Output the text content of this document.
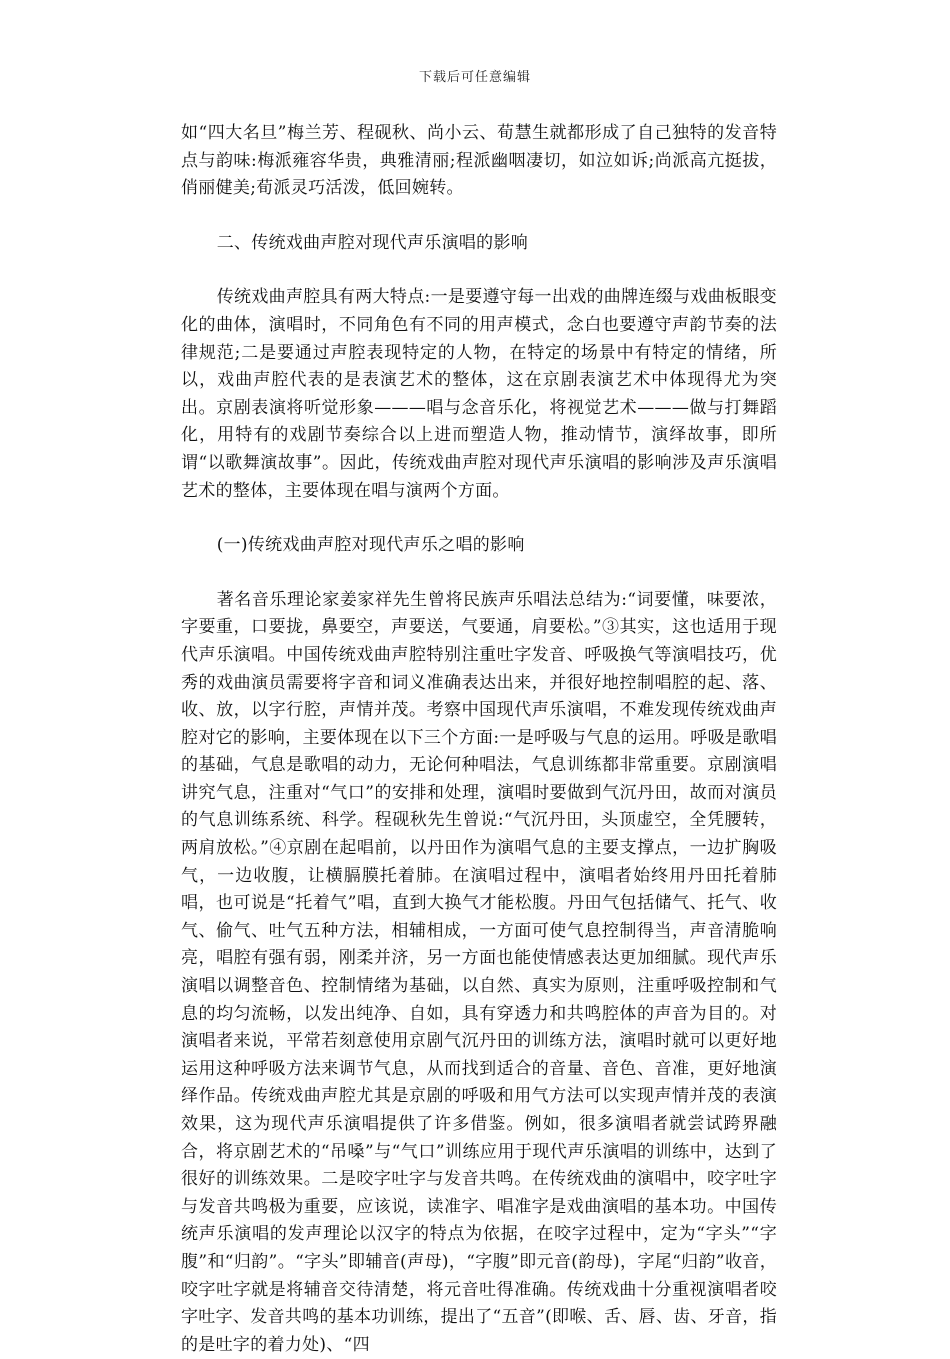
下载后可任意编辑

如“四大名旦”梅兰芳、程砚秋、尚小云、荀慧生就都形成了自己独特的发音特点与韵味:梅派雍容华贵，典雅清丽;程派幽咽凄切，如泣如诉;尚派高亢挺拔，俏丽健美;荀派灵巧活泼，低回婉转。

二、传统戏曲声腔对现代声乐演唱的影响

传统戏曲声腔具有两大特点:一是要遵守每一出戏的曲牌连缀与戏曲板眼变化的曲体，演唱时，不同角色有不同的用声模式，念白也要遵守声韵节奏的法律规范;二是要通过声腔表现特定的人物，在特定的场景中有特定的情绪，所以，戏曲声腔代表的是表演艺术的整体，这在京剧表演艺术中体现得尤为突出。京剧表演将听觉形象———唱与念音乐化，将视觉艺术———做与打舞蹈化，用特有的戏剧节奏综合以上进而塑造人物，推动情节，演绎故事，即所谓“以歌舞演故事”。因此，传统戏曲声腔对现代声乐演唱的影响涉及声乐演唱艺术的整体，主要体现在唱与演两个方面。

(一)传统戏曲声腔对现代声乐之唱的影响

著名音乐理论家姜家祥先生曾将民族声乐唱法总结为:“词要懂，味要浓，字要重，口要拢，鼻要空，声要送，气要通，肩要松。”③其实，这也适用于现代声乐演唱。中国传统戏曲声腔特别注重吐字发音、呼吸换气等演唱技巧，优秀的戏曲演员需要将字音和词义准确表达出来，并很好地控制唱腔的起、落、收、放，以字行腔，声情并茂。考察中国现代声乐演唱，不难发现传统戏曲声腔对它的影响，主要体现在以下三个方面:一是呼吸与气息的运用。呼吸是歌唱的基础，气息是歌唱的动力，无论何种唱法，气息训练都非常重要。京剧演唱讲究气息，注重对“气口”的安排和处理，演唱时要做到气沉丹田，故而对演员的气息训练系统、科学。程砚秋先生曾说:“气沉丹田，头顶虚空，全凭腰转，两肩放松。”④京剧在起唱前，以丹田作为演唱气息的主要支撑点，一边扩胸吸气，一边收腹，让横膈膜托着肺。在演唱过程中，演唱者始终用丹田托着肺唱，也可说是“托着气”唱，直到大换气才能松腹。丹田气包括储气、托气、收气、偷气、吐气五种方法，相辅相成，一方面可使气息控制得当，声音清脆响亮，唱腔有强有弱，刚柔并济，另一方面也能使情感表达更加细腻。现代声乐演唱以调整音色、控制情绪为基础，以自然、真实为原则，注重呼吸控制和气息的均匀流畅，以发出纯净、自如，具有穿透力和共鸣腔体的声音为目的。对演唱者来说，平常若刻意使用京剧气沉丹田的训练方法，演唱时就可以更好地运用这种呼吸方法来调节气息，从而找到适合的音量、音色、音准，更好地演绎作品。传统戏曲声腔尤其是京剧的呼吸和用气方法可以实现声情并茂的表演效果，这为现代声乐演唱提供了许多借鉴。例如，很多演唱者就尝试跨界融合，将京剧艺术的“吊嗓”与“气口”训练应用于现代声乐演唱的训练中，达到了很好的训练效果。二是咬字吐字与发音共鸣。在传统戏曲的演唱中，咬字吐字与发音共鸣极为重要，应该说，读准字、唱准字是戏曲演唱的基本功。中国传统声乐演唱的发声理论以汉字的特点为依据，在咬字过程中，定为“字头”“字腹”和“归韵”。“字头”即辅音(声母)，“字腹”即元音(韵母)，字尾“归韵”收音，咬字吐字就是将辅音交待清楚，将元音吐得准确。传统戏曲十分重视演唱者咬字吐字、发音共鸣的基本功训练，提出了“五音”(即喉、舌、唇、齿、牙音，指的是吐字的着力处)、“四
